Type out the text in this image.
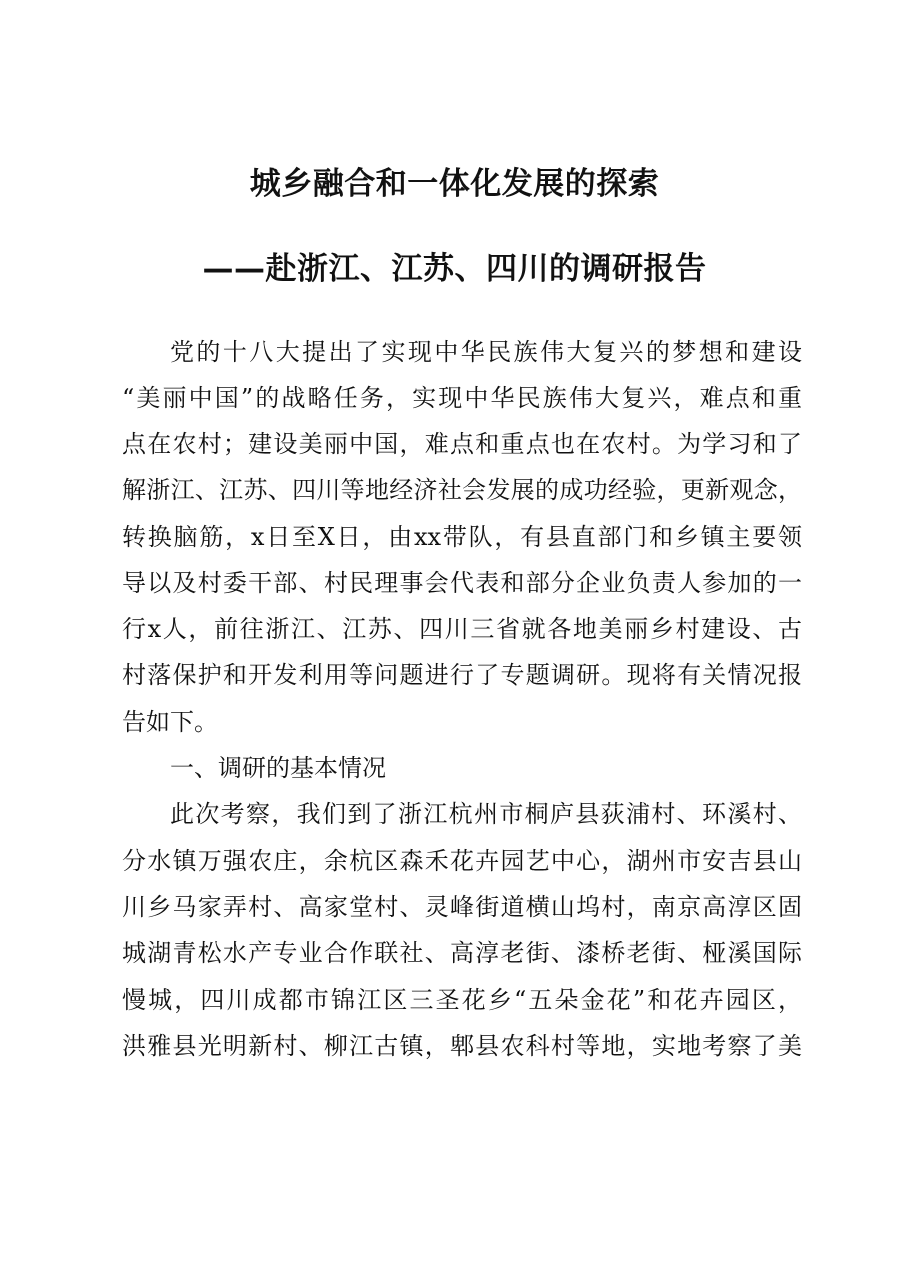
城乡融合和一体化发展的探索
——赴浙江、江苏、四川的调研报告
党的十八大提出了实现中华民族伟大复兴的梦想和建设
“美丽中国”的战略任务，实现中华民族伟大复兴，难点和重
点在农村；建设美丽中国，难点和重点也在农村。为学习和了
解浙江、江苏、四川等地经济社会发展的成功经验，更新观念，
转换脑筋，x日至X日，由xx带队，有县直部门和乡镇主要领
导以及村委干部、村民理事会代表和部分企业负责人参加的一
行x人，前往浙江、江苏、四川三省就各地美丽乡村建设、古
村落保护和开发利用等问题进行了专题调研。现将有关情况报
告如下。
一、调研的基本情况
此次考察，我们到了浙江杭州市桐庐县荻浦村、环溪村、
分水镇万强农庄，余杭区森禾花卉园艺中心，湖州市安吉县山
川乡马家弄村、高家堂村、灵峰街道横山坞村，南京高淳区固
城湖青松水产专业合作联社、高淳老街、漆桥老街、桠溪国际
慢城，四川成都市锦江区三圣花乡“五朵金花”和花卉园区，
洪雅县光明新村、柳江古镇，郫县农科村等地，实地考察了美
